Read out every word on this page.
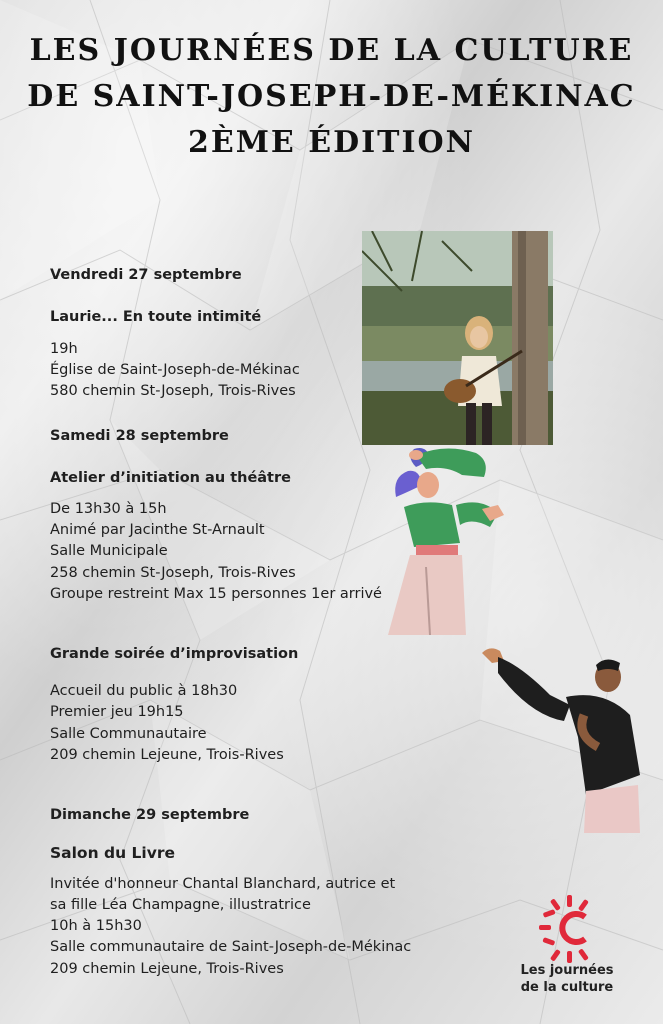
LES JOURNÉES DE LA CULTURE
DE SAINT-JOSEPH-DE-MÉKINAC
2ÈME ÉDITION
Vendredi 27 septembre
Laurie... En toute intimité
19h
Église de Saint-Joseph-de-Mékinac
580 chemin St-Joseph, Trois-Rives
Samedi 28 septembre
Atelier d’initiation au théâtre
De 13h30 à 15h
Animé par Jacinthe St-Arnault
Salle Municipale
258 chemin St-Joseph, Trois-Rives
Groupe restreint Max 15 personnes 1er arrivé
Grande soirée d’improvisation
Accueil du public à 18h30
Premier jeu 19h15
Salle Communautaire
209 chemin Lejeune, Trois-Rives
Dimanche 29 septembre
Salon du Livre
Invitée d'honneur Chantal Blanchard, autrice et
sa fille Léa Champagne, illustratrice
10h à 15h30
Salle communautaire de Saint-Joseph-de-Mékinac
209 chemin Lejeune, Trois-Rives	Les journées
de la culture
